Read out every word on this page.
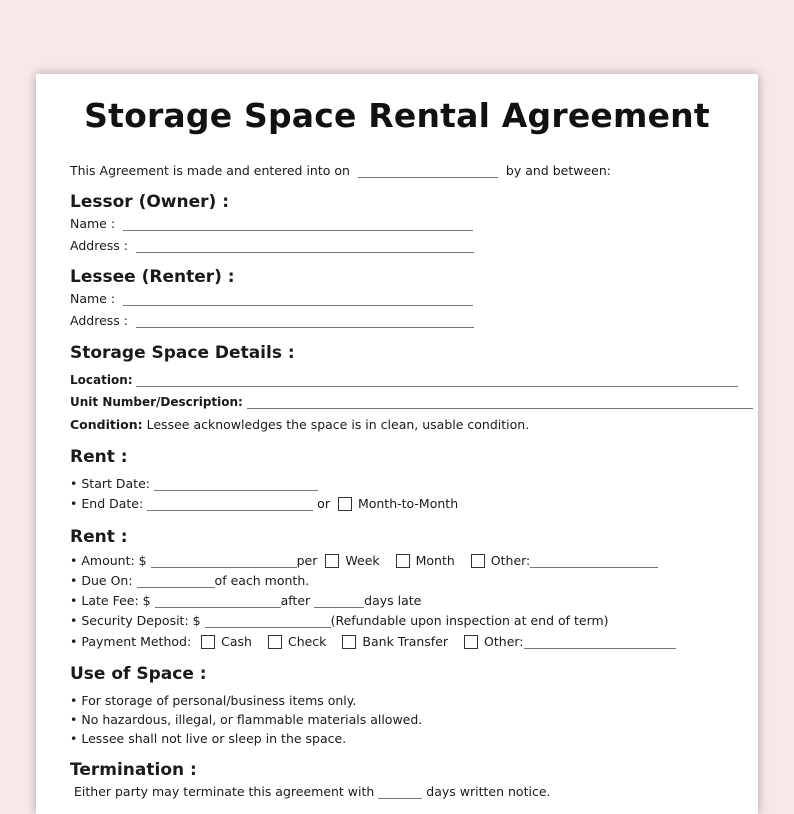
Storage Space Rental Agreement
This Agreement is made and entered into on	by and between:
Lessor (Owner) :
Name :
Address :
Lessee (Renter) :
Name :
Address :
Storage Space Details :
Location:
Unit Number/Description:
Condition: Lessee acknowledges the space is in clean, usable condition.
Rent :
• Start Date:
• End Date:	or Month-to-Month
Rent :
• Amount: $	per Week	Month	Other:
• Due On:	of each month.
• Late Fee: $	after	days late
• Security Deposit: $	(Refundable upon inspection at end of term)
• Payment Method: Cash	Check	Bank Transfer	Other:
Use of Space :
• For storage of personal/business items only.
• No hazardous, illegal, or flammable materials allowed.
• Lessee shall not live or sleep in the space.
Termination :
Either party may terminate this agreement with	days written notice.
